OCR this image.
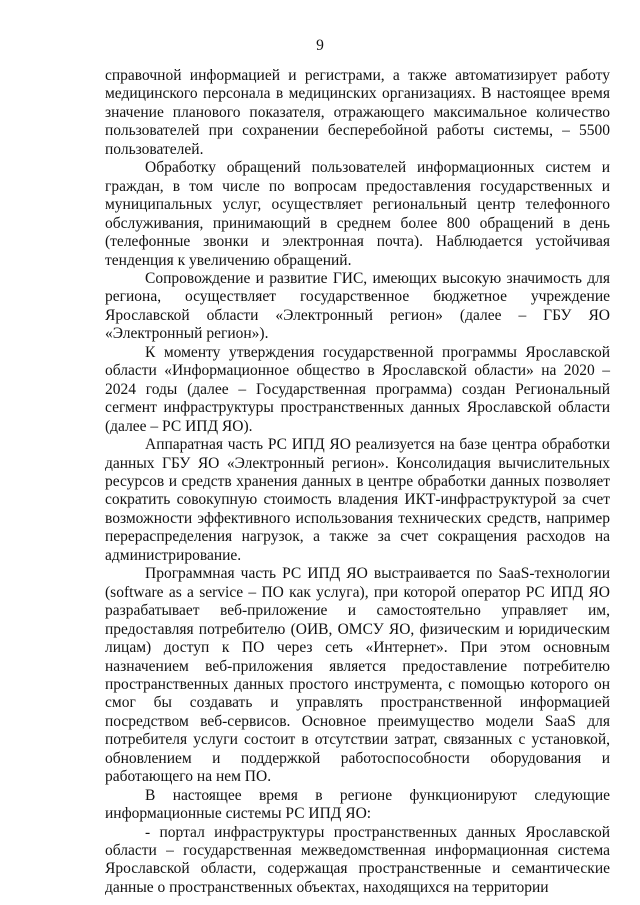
9

справочной информацией и регистрами, а также автоматизирует работу медицинского персонала в медицинских организациях. В настоящее время значение планового показателя, отражающего максимальное количество пользователей при сохранении бесперебойной работы системы, – 5500 пользователей.

Обработку обращений пользователей информационных систем и граждан, в том числе по вопросам предоставления государственных и муниципальных услуг, осуществляет региональный центр телефонного обслуживания, принимающий в среднем более 800 обращений в день (телефонные звонки и электронная почта). Наблюдается устойчивая тенденция к увеличению обращений.

Сопровождение и развитие ГИС, имеющих высокую значимость для региона, осуществляет государственное бюджетное учреждение Ярославской области «Электронный регион» (далее – ГБУ ЯО «Электронный регион»).

К моменту утверждения государственной программы Ярославской области «Информационное общество в Ярославской области» на 2020 – 2024 годы (далее – Государственная программа) создан Региональный сегмент инфраструктуры пространственных данных Ярославской области (далее – РС ИПД ЯО).

Аппаратная часть РС ИПД ЯО реализуется на базе центра обработки данных ГБУ ЯО «Электронный регион». Консолидация вычислительных ресурсов и средств хранения данных в центре обработки данных позволяет сократить совокупную стоимость владения ИКТ-инфраструктурой за счет возможности эффективного использования технических средств, например перераспределения нагрузок, а также за счет сокращения расходов на администрирование.

Программная часть РС ИПД ЯО выстраивается по SaaS-технологии (software as a service – ПО как услуга), при которой оператор РС ИПД ЯО разрабатывает веб-приложение и самостоятельно управляет им, предоставляя потребителю (ОИВ, ОМСУ ЯО, физическим и юридическим лицам) доступ к ПО через сеть «Интернет». При этом основным назначением веб-приложения является предоставление потребителю пространственных данных простого инструмента, с помощью которого он смог бы создавать и управлять пространственной информацией посредством веб-сервисов. Основное преимущество модели SaaS для потребителя услуги состоит в отсутствии затрат, связанных с установкой, обновлением и поддержкой работоспособности оборудования и работающего на нем ПО.

В настоящее время в регионе функционируют следующие информационные системы РС ИПД ЯО:

- портал инфраструктуры пространственных данных Ярославской области – государственная межведомственная информационная система Ярославской области, содержащая пространственные и семантические данные о пространственных объектах, находящихся на территории
